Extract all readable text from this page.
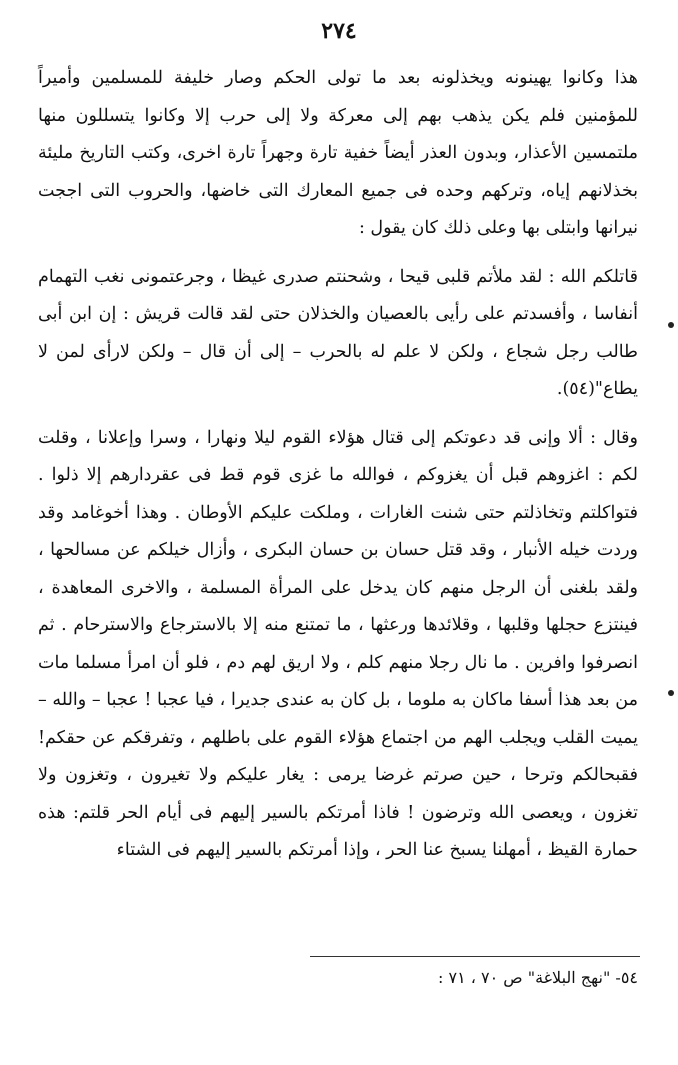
٢٧٤

هذا وكانوا يهينونه ويخذلونه بعد ما تولى الحكم وصار خليفة للمسلمين وأميراً للمؤمنين فلم يكن يذهب بهم إلى معركة ولا إلى حرب إلا وكانوا يتسللون منها ملتمسين الأعذار، وبدون العذر أيضاً خفية تارة وجهراً تارة اخرى، وكتب التاريخ مليئة بخذلانهم إياه، وتركهم وحده فى جميع المعارك التى خاضها، والحروب التى اججت نيرانها وابتلى بها وعلى ذلك كان يقول :

قاتلكم الله : لقد ملأتم قلبى قيحا ، وشحنتم صدرى غيظا ، وجرعتمونى نغب التهمام أنفاسا ، وأفسدتم على رأيى بالعصيان والخذلان حتى لقد قالت قريش : إن ابن أبى طالب رجل شجاع ، ولكن لا علم له بالحرب – إلى أن قال – ولكن لارأى لمن لا يطاع"(٥٤).

وقال : ألا وإنى قد دعوتكم إلى قتال هؤلاء القوم ليلا ونهارا ، وسرا وإعلانا ، وقلت لكم : اغزوهم قبل أن يغزوكم ، فوالله ما غزى قوم قط فى عقردارهم إلا ذلوا . فتواكلتم وتخاذلتم حتى شنت الغارات ، وملكت عليكم الأوطان . وهذا أخوغامد وقد وردت خيله الأنبار ، وقد قتل حسان بن حسان البكرى ، وأزال خيلكم عن مسالحها ، ولقد بلغنى أن الرجل منهم كان يدخل على المرأة المسلمة ، والاخرى المعاهدة ، فينتزع حجلها وقلبها ، وقلائدها ورعثها ، ما تمتنع منه إلا بالاسترجاع والاسترحام . ثم انصرفوا وافرين . ما نال رجلا منهم كلم ، ولا اريق لهم دم ، فلو أن امرأ مسلما مات من بعد هذا أسفا ماكان به ملوما ، بل كان به عندى جديرا ، فيا عجبا ! عجبا – والله – يميت القلب ويجلب الهم من اجتماع هؤلاء القوم على باطلهم ، وتفرقكم عن حقكم! فقبحالكم وترحا ، حين صرتم غرضا يرمى : يغار عليكم ولا تغيرون ، وتغزون ولا تغزون ، ويعصى الله وترضون ! فاذا أمرتكم بالسير إليهم فى أيام الحر قلتم: هذه حمارة القيظ ، أمهلنا يسبخ عنا الحر ، وإذا أمرتكم بالسير إليهم فى الشتاء

٥٤- "نهج البلاغة" ص ٧٠ ، ٧١ :
